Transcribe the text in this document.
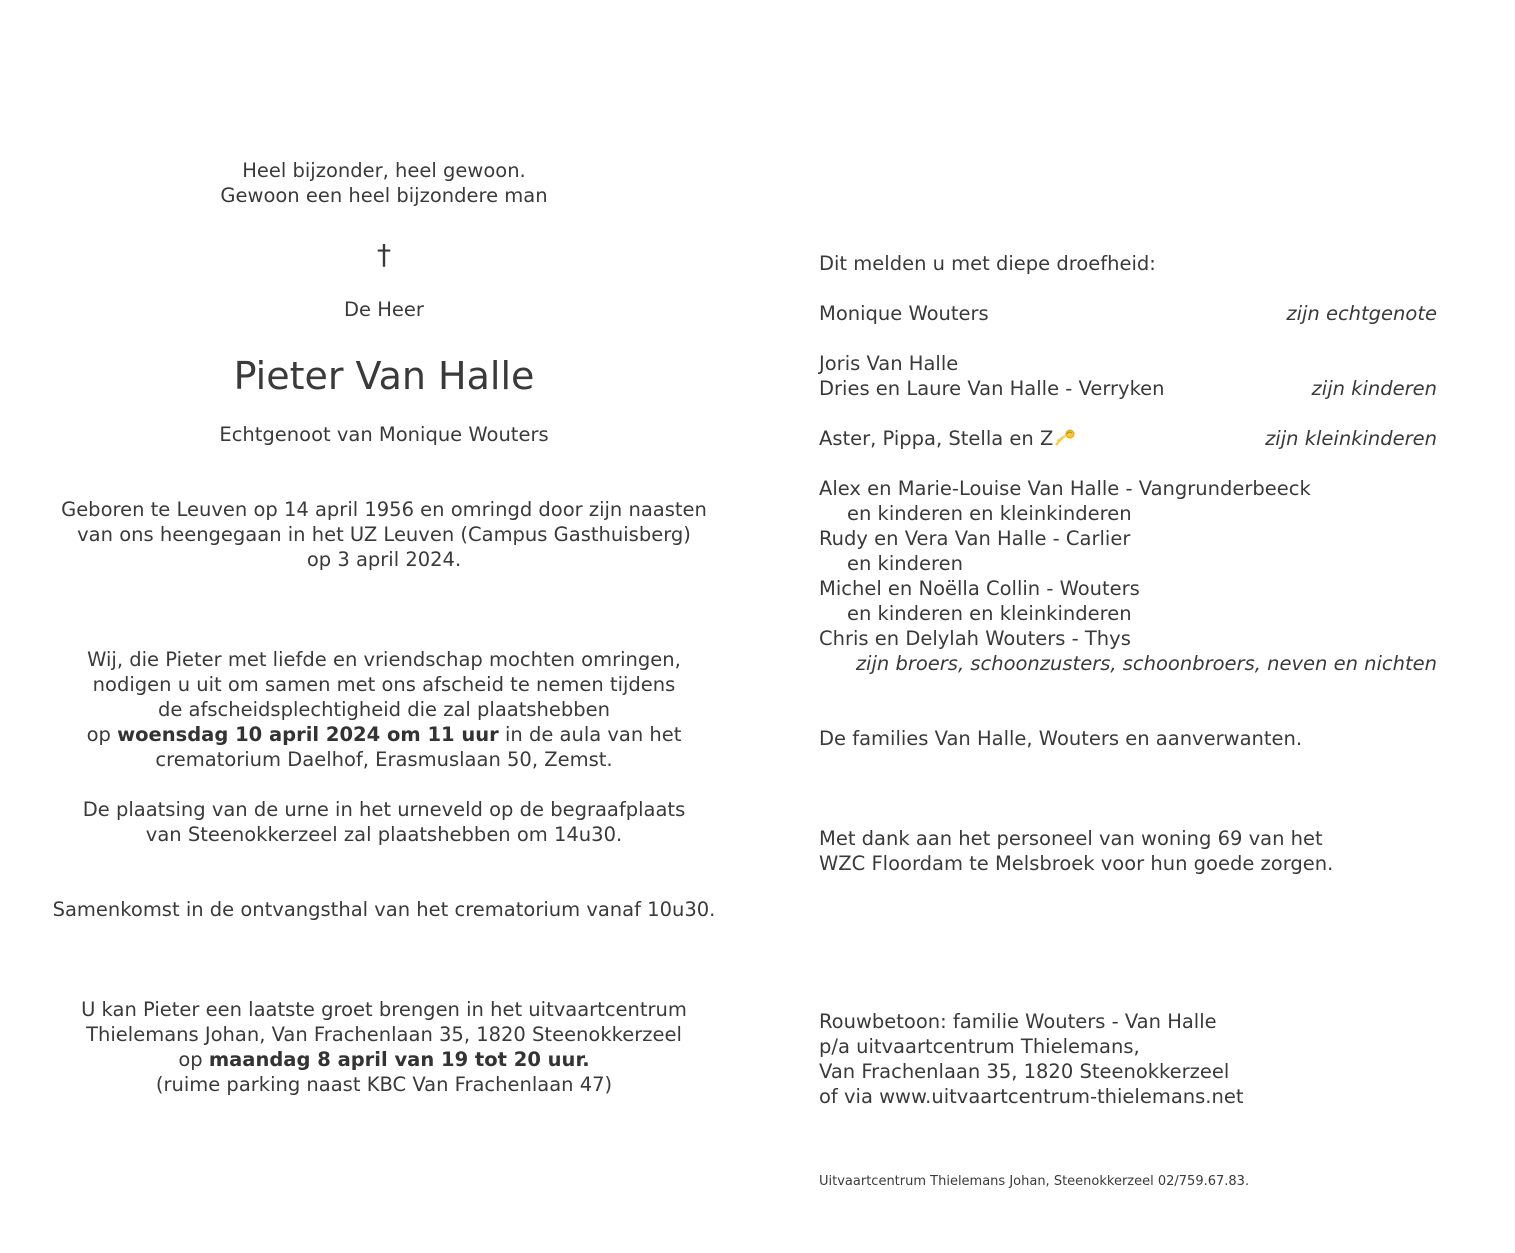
Heel bijzonder, heel gewoon.
Gewoon een heel bijzondere man
†
De Heer
Pieter Van Halle
Echtgenoot van Monique Wouters
Geboren te Leuven op 14 april 1956 en omringd door zijn naasten
van ons heengegaan in het UZ Leuven (Campus Gasthuisberg)
op 3 april 2024.
Wij, die Pieter met liefde en vriendschap mochten omringen,
nodigen u uit om samen met ons afscheid te nemen tijdens
de afscheidsplechtigheid die zal plaatshebben
op woensdag 10 april 2024 om 11 uur in de aula van het
crematorium Daelhof, Erasmuslaan 50, Zemst.
De plaatsing van de urne in het urneveld op de begraafplaats
van Steenokkerzeel zal plaatshebben om 14u30.
Samenkomst in de ontvangsthal van het crematorium vanaf 10u30.
U kan Pieter een laatste groet brengen in het uitvaartcentrum
Thielemans Johan, Van Frachenlaan 35, 1820 Steenokkerzeel
op maandag 8 april van 19 tot 20 uur.
(ruime parking naast KBC Van Frachenlaan 47)
Dit melden u met diepe droefheid:
Monique Wouters	zijn echtgenote
Joris Van Halle
Dries en Laure Van Halle - Verryken	zijn kinderen
Aster, Pippa, Stella en Z	zijn kleinkinderen
Alex en Marie-Louise Van Halle - Vangrunderbeeck
en kinderen en kleinkinderen
Rudy en Vera Van Halle - Carlier
en kinderen
Michel en Noëlla Collin - Wouters
en kinderen en kleinkinderen
Chris en Delylah Wouters - Thys
zijn broers, schoonzusters, schoonbroers, neven en nichten
De families Van Halle, Wouters en aanverwanten.
Met dank aan het personeel van woning 69 van het
WZC Floordam te Melsbroek voor hun goede zorgen.
Rouwbetoon: familie Wouters - Van Halle
p/a uitvaartcentrum Thielemans,
Van Frachenlaan 35, 1820 Steenokkerzeel
of via www.uitvaartcentrum-thielemans.net
Uitvaartcentrum Thielemans Johan, Steenokkerzeel 02/759.67.83.
